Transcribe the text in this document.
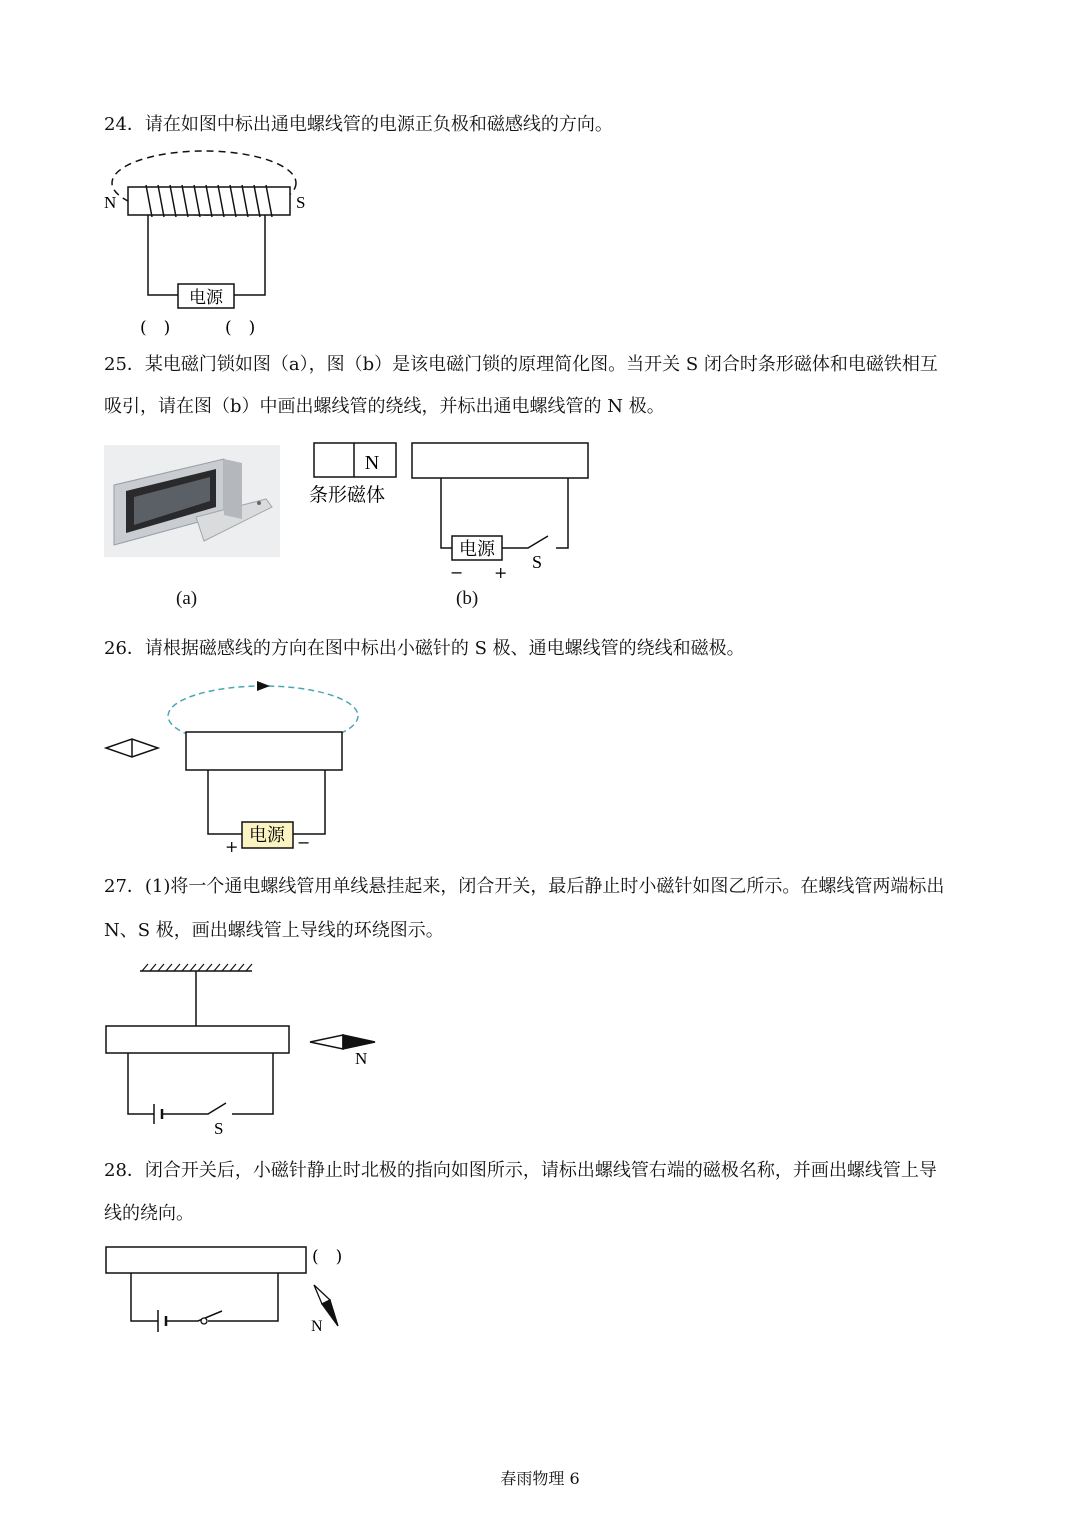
24．请在如图中标出通电螺线管的电源正负极和磁感线的方向。
电源
N	S
(　)	(　)
25．某电磁门锁如图（a），图（b）是该电磁门锁的原理简化图。当开关 S 闭合时条形磁体和电磁铁相互
吸引，请在图（b）中画出螺线管的绕线，并标出通电螺线管的 N 极。
(a)
N
条形磁体
电源
− +
S
(b)
26．请根据磁感线的方向在图中标出小磁针的 S 极、通电螺线管的绕线和磁极。
电源
+	−
27．(1)将一个通电螺线管用单线悬挂起来，闭合开关，最后静止时小磁针如图乙所示。在螺线管两端标出
N、S 极，画出螺线管上导线的环绕图示。
S
N
28．闭合开关后，小磁针静止时北极的指向如图所示，请标出螺线管右端的磁极名称，并画出螺线管上导
线的绕向。
(　)
N
春雨物理 6
